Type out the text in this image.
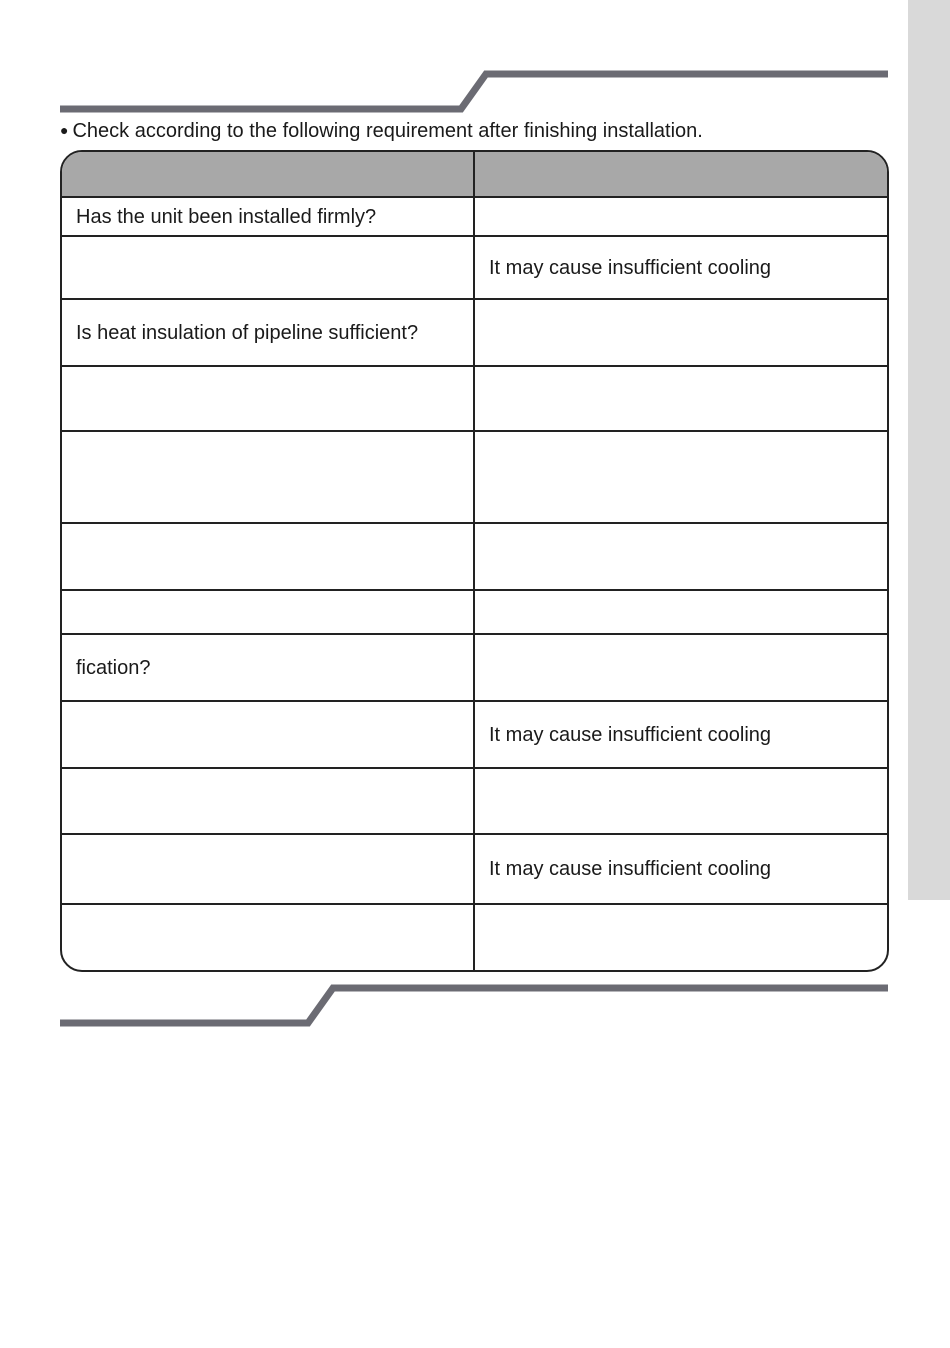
● Check according to the following requirement after finishing installation.

Has the unit been installed firmly?	
	It may cause insufficient cooling
Is heat insulation of pipeline sufficient?	

fication?	
	It may cause insufficient cooling

	It may cause insufficient cooling
